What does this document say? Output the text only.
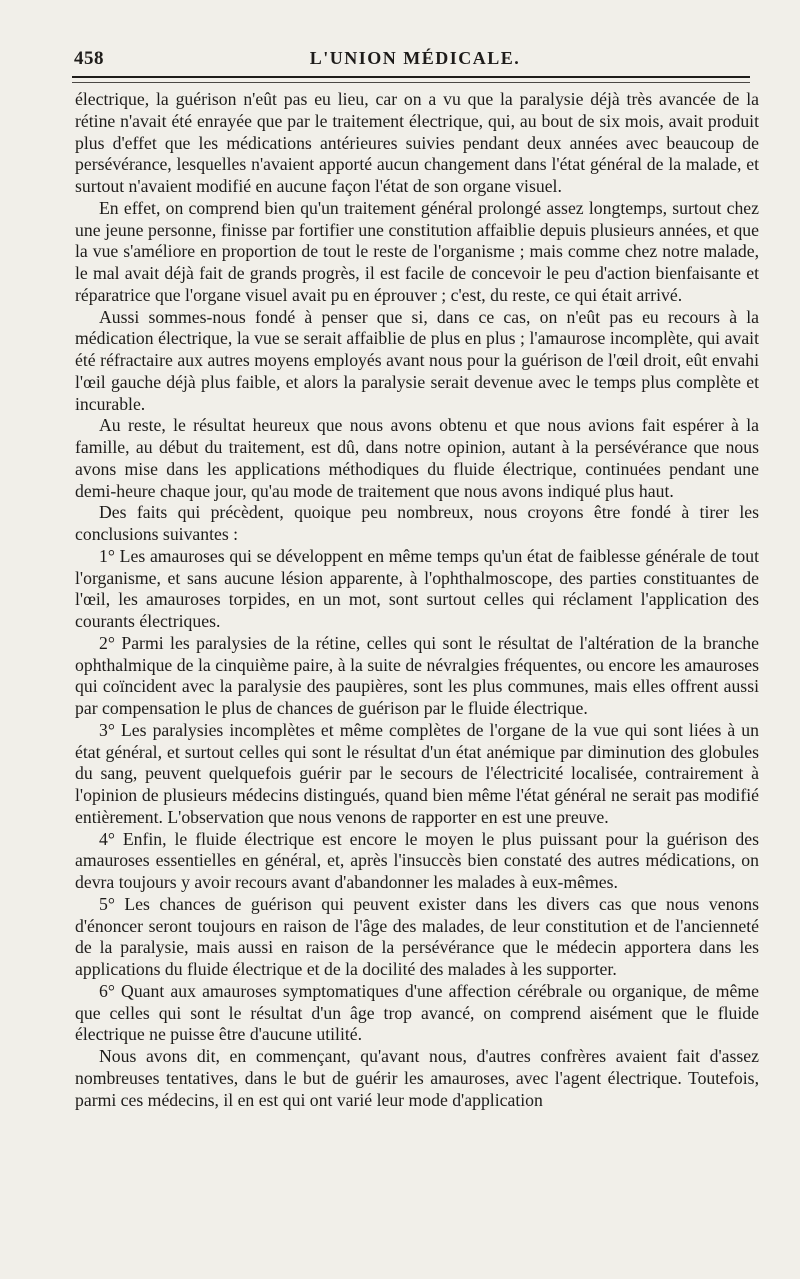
458	L'UNION MÉDICALE.

électrique, la guérison n'eût pas eu lieu, car on a vu que la paralysie déjà très avancée de la rétine n'avait été enrayée que par le traitement électrique, qui, au bout de six mois, avait produit plus d'effet que les médications antérieures suivies pendant deux années avec beaucoup de persévérance, lesquelles n'avaient apporté aucun changement dans l'état général de la malade, et surtout n'avaient modifié en aucune façon l'état de son organe visuel.

En effet, on comprend bien qu'un traitement général prolongé assez longtemps, surtout chez une jeune personne, finisse par fortifier une constitution affaiblie depuis plusieurs années, et que la vue s'améliore en proportion de tout le reste de l'organisme ; mais comme chez notre malade, le mal avait déjà fait de grands progrès, il est facile de concevoir le peu d'action bienfaisante et réparatrice que l'organe visuel avait pu en éprouver ; c'est, du reste, ce qui était arrivé.

Aussi sommes-nous fondé à penser que si, dans ce cas, on n'eût pas eu recours à la médication électrique, la vue se serait affaiblie de plus en plus ; l'amaurose incomplète, qui avait été réfractaire aux autres moyens employés avant nous pour la guérison de l'œil droit, eût envahi l'œil gauche déjà plus faible, et alors la paralysie serait devenue avec le temps plus complète et incurable.

Au reste, le résultat heureux que nous avons obtenu et que nous avions fait espérer à la famille, au début du traitement, est dû, dans notre opinion, autant à la persévérance que nous avons mise dans les applications méthodiques du fluide électrique, continuées pendant une demi-heure chaque jour, qu'au mode de traitement que nous avons indiqué plus haut.

Des faits qui précèdent, quoique peu nombreux, nous croyons être fondé à tirer les conclusions suivantes :

1° Les amauroses qui se développent en même temps qu'un état de faiblesse générale de tout l'organisme, et sans aucune lésion apparente, à l'ophthalmoscope, des parties constituantes de l'œil, les amauroses torpides, en un mot, sont surtout celles qui réclament l'application des courants électriques.

2° Parmi les paralysies de la rétine, celles qui sont le résultat de l'altération de la branche ophthalmique de la cinquième paire, à la suite de névralgies fréquentes, ou encore les amauroses qui coïncident avec la paralysie des paupières, sont les plus communes, mais elles offrent aussi par compensation le plus de chances de guérison par le fluide électrique.

3° Les paralysies incomplètes et même complètes de l'organe de la vue qui sont liées à un état général, et surtout celles qui sont le résultat d'un état anémique par diminution des globules du sang, peuvent quelquefois guérir par le secours de l'électricité localisée, contrairement à l'opinion de plusieurs médecins distingués, quand bien même l'état général ne serait pas modifié entièrement. L'observation que nous venons de rapporter en est une preuve.

4° Enfin, le fluide électrique est encore le moyen le plus puissant pour la guérison des amauroses essentielles en général, et, après l'insuccès bien constaté des autres médications, on devra toujours y avoir recours avant d'abandonner les malades à eux-mêmes.

5° Les chances de guérison qui peuvent exister dans les divers cas que nous venons d'énoncer seront toujours en raison de l'âge des malades, de leur constitution et de l'ancienneté de la paralysie, mais aussi en raison de la persévérance que le médecin apportera dans les applications du fluide électrique et de la docilité des malades à les supporter.

6° Quant aux amauroses symptomatiques d'une affection cérébrale ou organique, de même que celles qui sont le résultat d'un âge trop avancé, on comprend aisément que le fluide électrique ne puisse être d'aucune utilité.

Nous avons dit, en commençant, qu'avant nous, d'autres confrères avaient fait d'assez nombreuses tentatives, dans le but de guérir les amauroses, avec l'agent électrique. Toutefois, parmi ces médecins, il en est qui ont varié leur mode d'application
